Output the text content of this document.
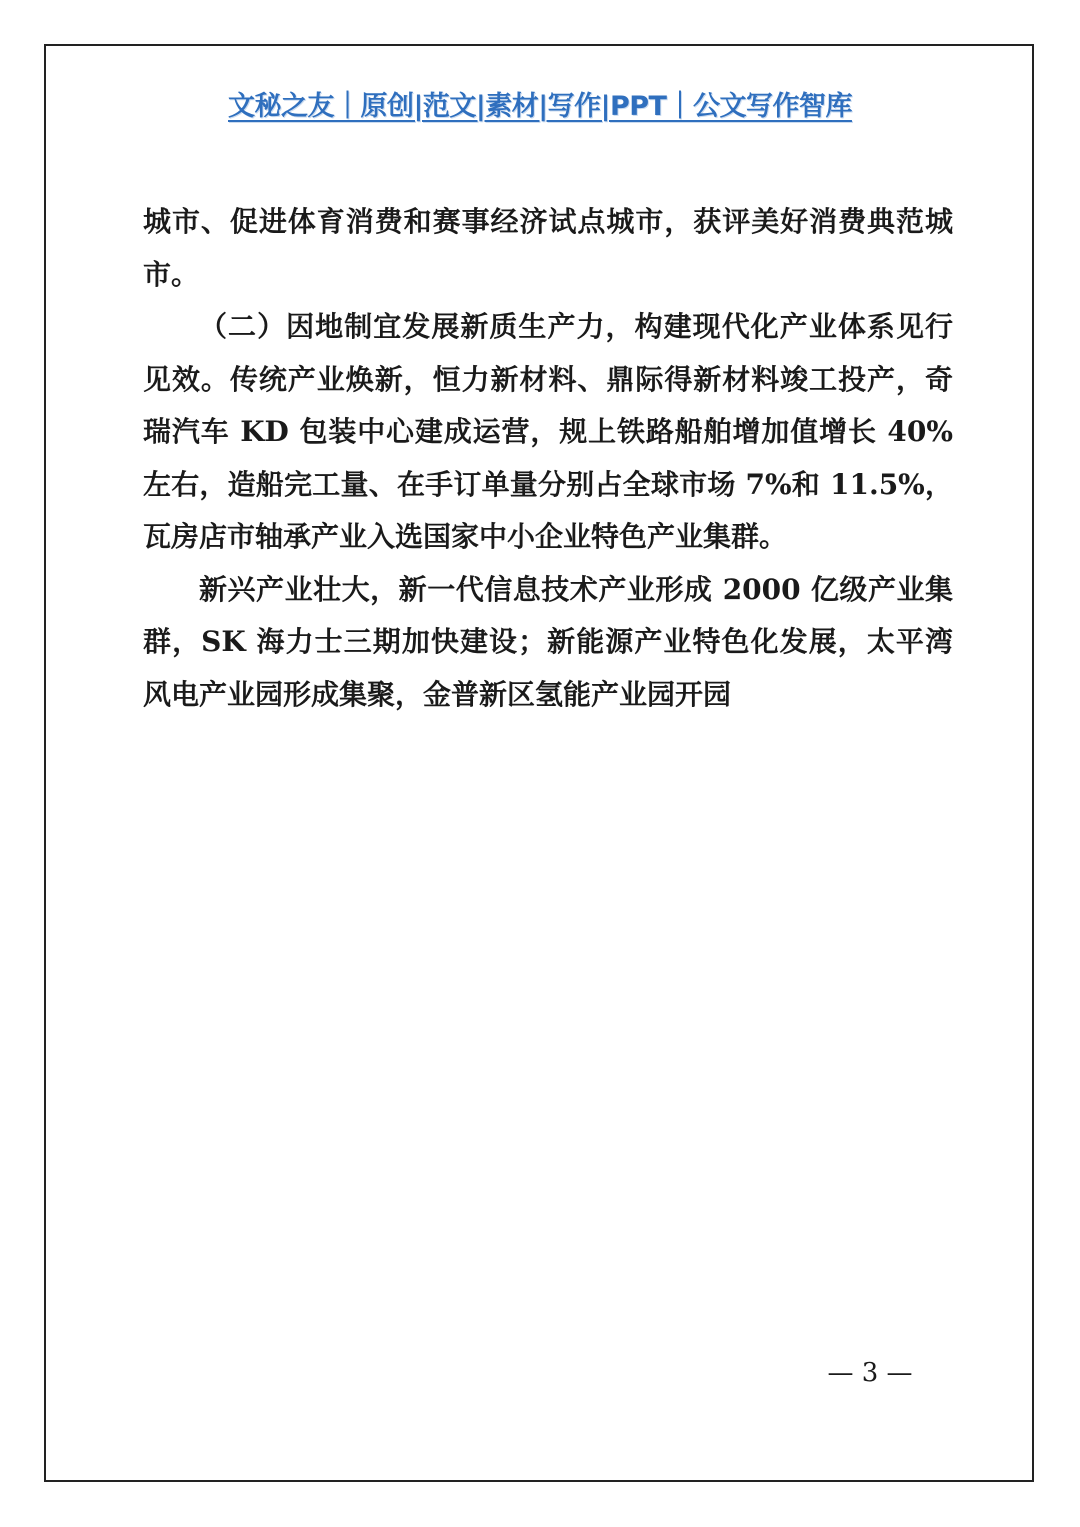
文秘之友｜原创|范文|素材|写作|PPT｜公文写作智库

城市、促进体育消费和赛事经济试点城市，获评美好消费典范城市。

（二）因地制宜发展新质生产力，构建现代化产业体系见行见效。传统产业焕新，恒力新材料、鼎际得新材料竣工投产，奇瑞汽车 KD 包装中心建成运营，规上铁路船舶增加值增长 40%左右，造船完工量、在手订单量分别占全球市场 7%和 11.5%，瓦房店市轴承产业入选国家中小企业特色产业集群。

新兴产业壮大，新一代信息技术产业形成 2000 亿级产业集群，SK 海力士三期加快建设；新能源产业特色化发展，太平湾风电产业园形成集聚，金普新区氢能产业园开园

— 3 —
